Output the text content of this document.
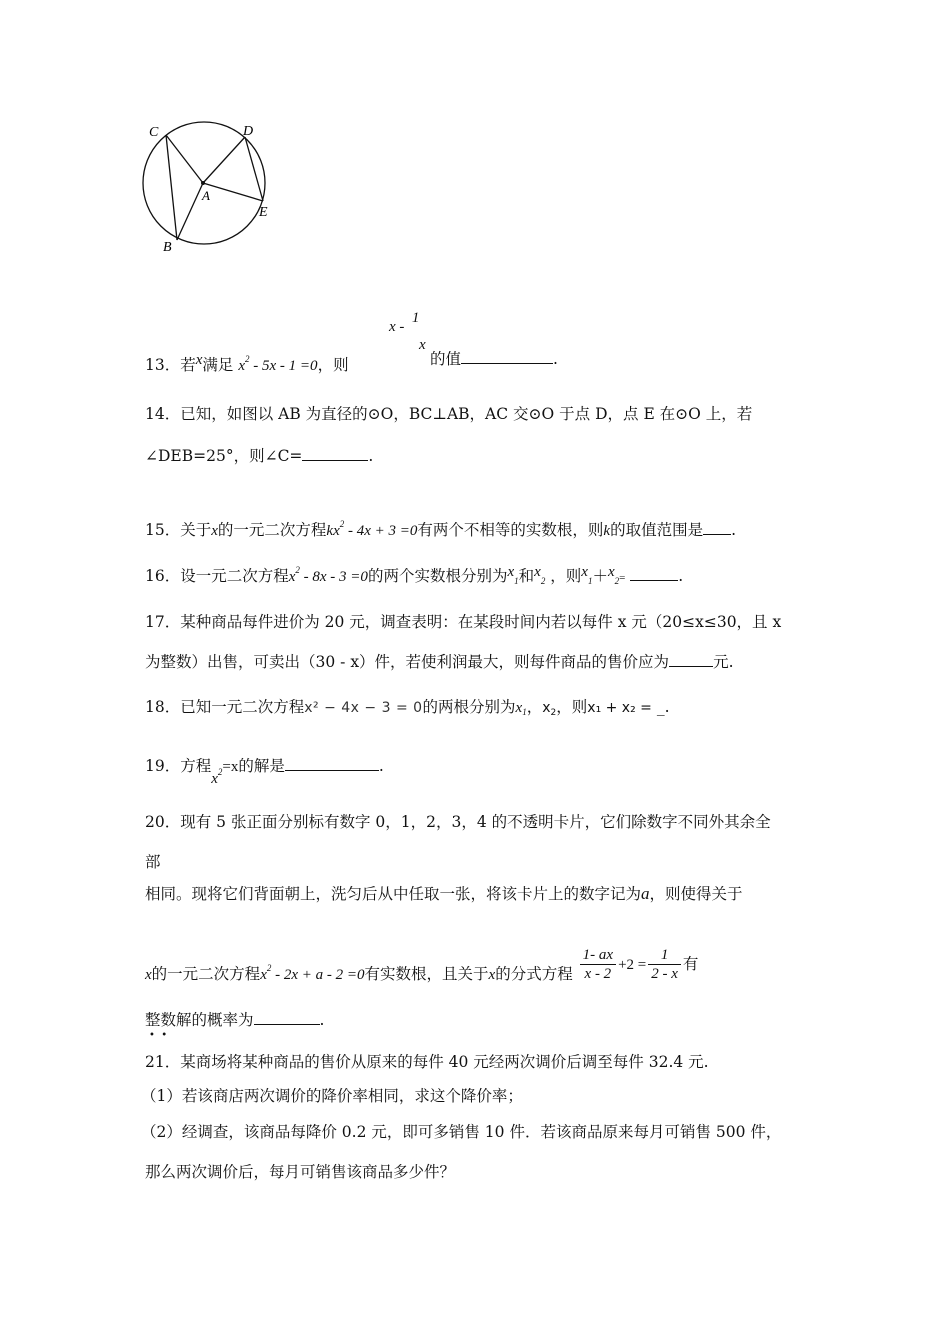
C	D
A
E
B
13．若x满足 $x^2 - 5x - 1 =0$，则
x -  1
x
的值	.
14．已知，如图以 AB 为直径的⊙O，BC⊥AB，AC 交⊙O 于点 D，点 E 在⊙O 上，若
∠DEB=25°，则∠C=	.
15．关于x的一元二次方程$kx^2 - 4x + 3 =0$有两个不相等的实数根，则k的取值范围是 .
16．设一元二次方程$x^2 - 8x - 3 =0$的两个实数根分别为$x_1$和$x_2$ ，则$x_1+x_2=$	.
17．某种商品每件进价为 20 元，调查表明：在某段时间内若以每件 x 元（20≤x≤30，且 x
为整数）出售，可卖出（30 - x）件，若使利润最大，则每件商品的售价应为	元.
18．已知一元二次方程x² − 4x − 3 = 0的两根分别为$x_1$，$x_2$，则x₁ + x₂ = _.
19．方程$x^2=x$的解是	.
20．现有 5 张正面分别标有数字 0，1，2，3，4 的不透明卡片，它们除数字不同外其余全
部
相同。现将它们背面朝上，洗匀后从中任取一张，将该卡片上的数字记为a，则使得关于
x的一元二次方程$x^2 - 2x + a - 2 =0$有实数根，且关于x的分式方程 $\frac{1- ax}{x - 2} +2 = \frac{1}{2 - x}$ 有
整数解的概率为	.
•  •
21．某商场将某种商品的售价从原来的每件 40 元经两次调价后调至每件 32.4 元.
（1）若该商店两次调价的降价率相同，求这个降价率；
（2）经调查，该商品每降价 0.2 元，即可多销售 10 件．若该商品原来每月可销售 500 件，
那么两次调价后，每月可销售该商品多少件？
